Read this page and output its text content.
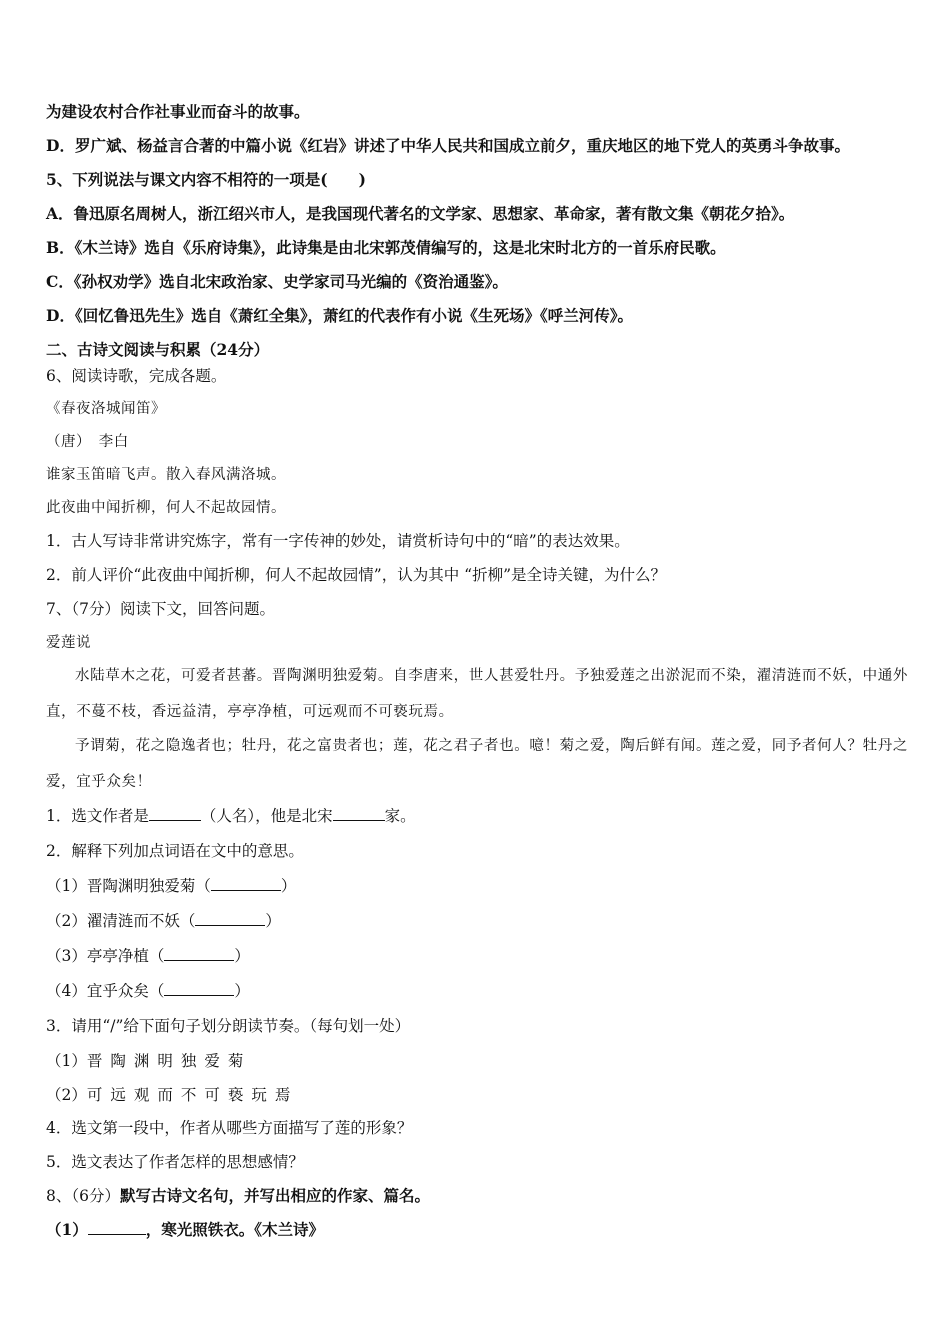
为建设农村合作社事业而奋斗的故事。
D．罗广斌、杨益言合著的中篇小说《红岩》讲述了中华人民共和国成立前夕，重庆地区的地下党人的英勇斗争故事。
5、下列说法与课文内容不相符的一项是(　　)
A．鲁迅原名周树人，浙江绍兴市人，是我国现代著名的文学家、思想家、革命家，著有散文集《朝花夕拾》。
B．《木兰诗》选自《乐府诗集》，此诗集是由北宋郭茂倩编写的，这是北宋时北方的一首乐府民歌。
C．《孙权劝学》选自北宋政治家、史学家司马光编的《资治通鉴》。
D．《回忆鲁迅先生》选自《萧红全集》，萧红的代表作有小说《生死场》《呼兰河传》。
二、古诗文阅读与积累（24分）
6、阅读诗歌，完成各题。
《春夜洛城闻笛》
（唐）　李白
谁家玉笛暗飞声。散入春风满洛城。
此夜曲中闻折柳，何人不起故园情。
1．古人写诗非常讲究炼字，常有一字传神的妙处，请赏析诗句中的“暗”的表达效果。
2．前人评价“此夜曲中闻折柳，何人不起故园情”，认为其中 “折柳”是全诗关键，为什么？
7、（7分）阅读下文，回答问题。
爱莲说
水陆草木之花，可爱者甚蕃。晋陶渊明独爱菊。自李唐来，世人甚爱牡丹。予独爱莲之出淤泥而不染，濯清涟而不妖，中通外直，不蔓不枝，香远益清，亭亭净植，可远观而不可亵玩焉。
予谓菊，花之隐逸者也；牡丹，花之富贵者也；莲，花之君子者也。噫！菊之爱，陶后鲜有闻。莲之爱，同予者何人？牡丹之爱，宜乎众矣！
1．选文作者是	（人名），他是北宋	家。
2．解释下列加点词语在文中的意思。
（1）晋陶渊明独爱菊（	）
（2）濯清涟而不妖（	）
（3）亭亭净植（	）
（4）宜乎众矣（	）
3．请用“/”给下面句子划分朗读节奏。（每句划一处）
（1）晋陶渊明独爱菊
（2）可远观而不可亵玩焉
4．选文第一段中，作者从哪些方面描写了莲的形象？
5．选文表达了作者怎样的思想感情？
8、（6分）默写古诗文名句，并写出相应的作家、篇名。
（1）	，寒光照铁衣。《木兰诗》
